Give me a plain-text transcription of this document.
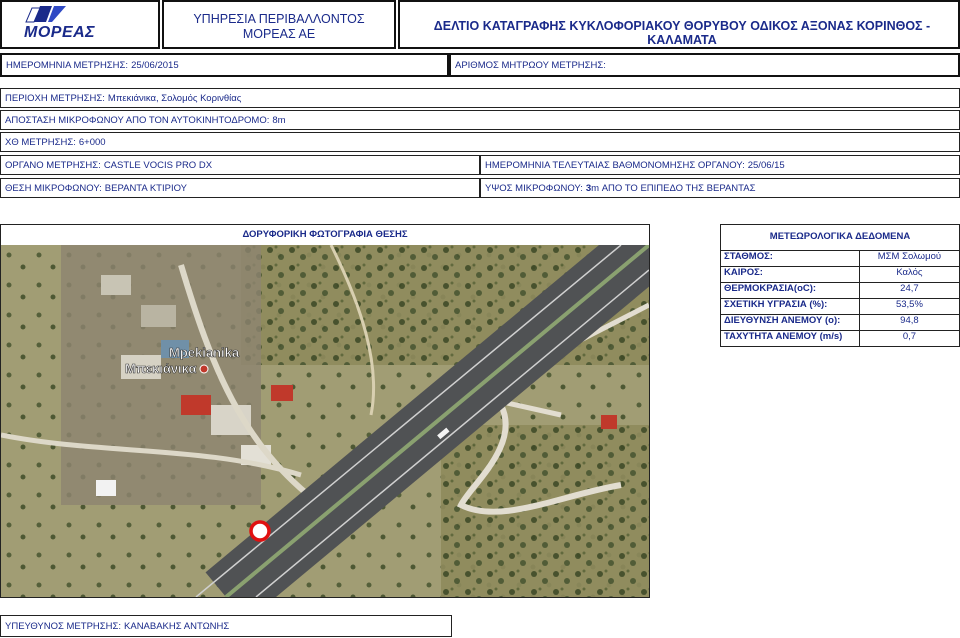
ΜΟΡΕΑΣ
ΥΠΗΡΕΣΙΑ ΠΕΡΙΒΑΛΛΟΝΤΟΣ
ΜΟΡΕΑΣ ΑΕ
ΔΕΛΤΙΟ ΚΑΤΑΓΡΑΦΗΣ ΚΥΚΛΟΦΟΡΙΑΚΟΥ ΘΟΡΥΒΟΥ ΟΔΙΚΟΣ ΑΞΟΝΑΣ ΚΟΡΙΝΘΟΣ - ΚΑΛΑΜΑΤΑ
ΗΜΕΡΟΜΗΝΙΑ ΜΕΤΡΗΣΗΣ: 25/06/2015	ΑΡΙΘΜΟΣ ΜΗΤΡΩΟΥ ΜΕΤΡΗΣΗΣ:
ΠΕΡΙΟΧΗ ΜΕΤΡΗΣΗΣ: Μπεκιάνικα, Σολομός Κορινθίας
ΑΠΟΣΤΑΣΗ ΜΙΚΡΟΦΩΝΟΥ ΑΠΟ ΤΟΝ ΑΥΤΟΚΙΝΗΤΟΔΡΟΜΟ: 8m
ΧΘ ΜΕΤΡΗΣΗΣ: 6+000
ΟΡΓΑΝΟ ΜΕΤΡΗΣΗΣ: CASTLE VOCIS PRO DX	ΗΜΕΡΟΜΗΝΙΑ ΤΕΛΕΥΤΑΙΑΣ ΒΑΘΜΟΝΟΜΗΣΗΣ ΟΡΓΑΝΟΥ: 25/06/15
ΘΕΣΗ ΜΙΚΡΟΦΩΝΟΥ: ΒΕΡΑΝΤΑ ΚΤΙΡΙΟΥ	ΥΨΟΣ ΜΙΚΡΟΦΩΝΟΥ: 3 m ΑΠΟ ΤΟ ΕΠΙΠΕΔΟ ΤΗΣ ΒΕΡΑΝΤΑΣ
ΔΟΡΥΦΟΡΙΚΗ ΦΩΤΟΓΡΑΦΙΑ ΘΕΣΗΣ
Mpekianika
Μπεκιάνικα
ΜΕΤΕΩΡΟΛΟΓΙΚΑ ΔΕΔΟΜΕΝΑ
ΣΤΑΘΜΟΣ:	ΜΣΜ Σολωμού
ΚΑΙΡΟΣ:	Καλός
ΘΕΡΜΟΚΡΑΣΙΑ(oC):	24,7
ΣΧΕΤΙΚΗ ΥΓΡΑΣΙΑ (%):	53,5%
ΔΙΕΥΘΥΝΣΗ ΑΝΕΜΟΥ (ο):	94,8
ΤΑΧΥΤΗΤΑ ΑΝΕΜΟΥ (m/s)	0,7
ΥΠΕΥΘΥΝΟΣ ΜΕΤΡΗΣΗΣ: ΚΑΝΑΒΑΚΗΣ ΑΝΤΩΝΗΣ
